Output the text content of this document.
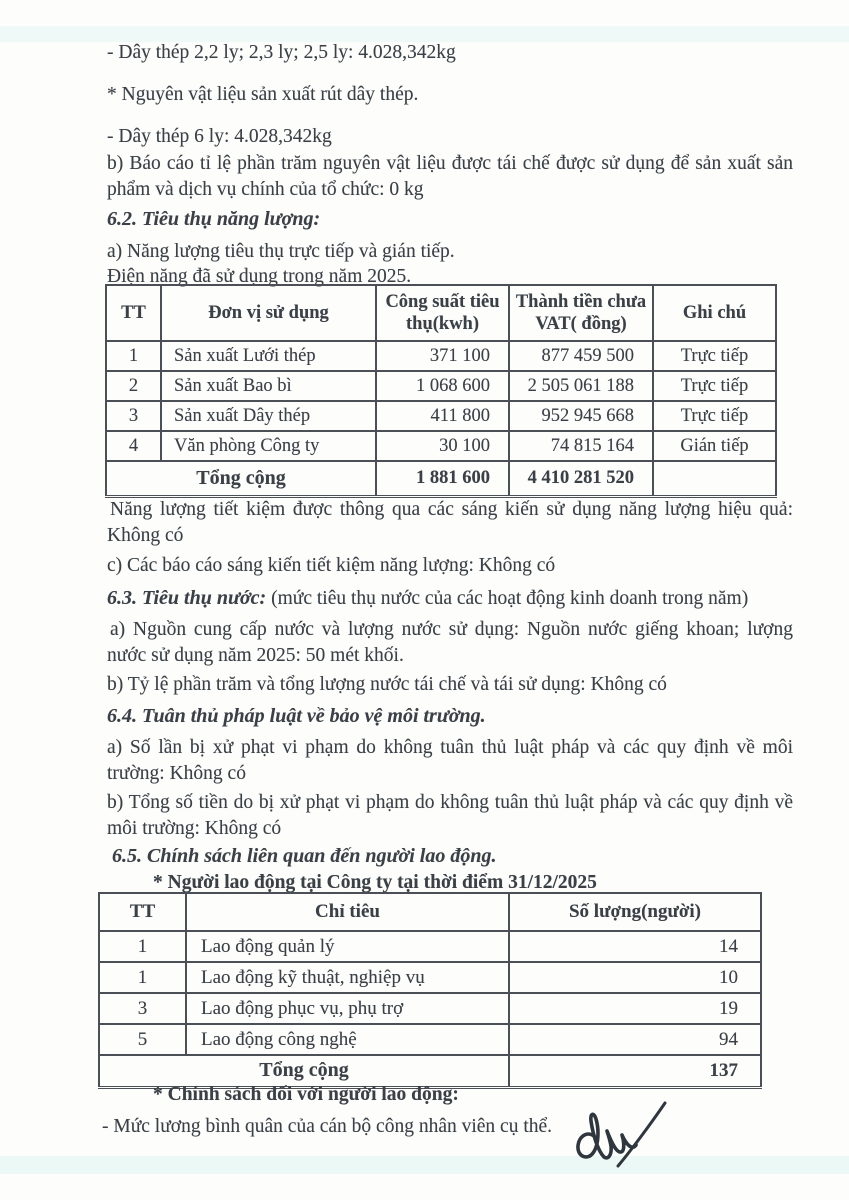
- Dây thép 2,2 ly; 2,3 ly; 2,5 ly: 4.028,342kg
* Nguyên vật liệu sản xuất rút dây thép.
- Dây thép 6 ly: 4.028,342kg
b) Báo cáo tỉ lệ phần trăm nguyên vật liệu được tái chế được sử dụng để sản xuất sản
phẩm và dịch vụ chính của tổ chức: 0 kg
6.2. Tiêu thụ năng lượng:
a) Năng lượng tiêu thụ trực tiếp và gián tiếp.
Điện năng đã sử dụng trong năm 2025.
TT	Đơn vị sử dụng	Công suất tiêu thụ(kwh)	Thành tiền chưa VAT( đồng)	Ghi chú
1	Sản xuất Lưới thép	371 100	877 459 500	Trực tiếp
2	Sản xuất Bao bì	1 068 600	2 505 061 188	Trực tiếp
3	Sản xuất Dây thép	411 800	952 945 668	Trực tiếp
4	Văn phòng Công ty	30 100	74 815 164	Gián tiếp
Tổng cộng		1 881 600	4 410 281 520	
Năng lượng tiết kiệm được thông qua các sáng kiến sử dụng năng lượng hiệu quả:
Không có
c) Các báo cáo sáng kiến tiết kiệm năng lượng: Không có
6.3. Tiêu thụ nước: (mức tiêu thụ nước của các hoạt động kinh doanh trong năm)
a) Nguồn cung cấp nước và lượng nước sử dụng: Nguồn nước giếng khoan; lượng
nước sử dụng năm 2025: 50 mét khối.
b) Tỷ lệ phần trăm và tổng lượng nước tái chế và tái sử dụng: Không có
6.4. Tuân thủ pháp luật về bảo vệ môi trường.
a) Số lần bị xử phạt vi phạm do không tuân thủ luật pháp và các quy định về môi
trường: Không có
b) Tổng số tiền do bị xử phạt vi phạm do không tuân thủ luật pháp và các quy định về
môi trường: Không có
6.5. Chính sách liên quan đến người lao động.
* Người lao động tại Công ty tại thời điểm 31/12/2025
TT	Chỉ tiêu	Số lượng(người)
1	Lao động quản lý	14
1	Lao động kỹ thuật, nghiệp vụ	10
3	Lao động phục vụ, phụ trợ	19
5	Lao động công nghệ	94
Tổng cộng		137
* Chính sách đối với người lao động:
- Mức lương bình quân của cán bộ công nhân viên cụ thể.
